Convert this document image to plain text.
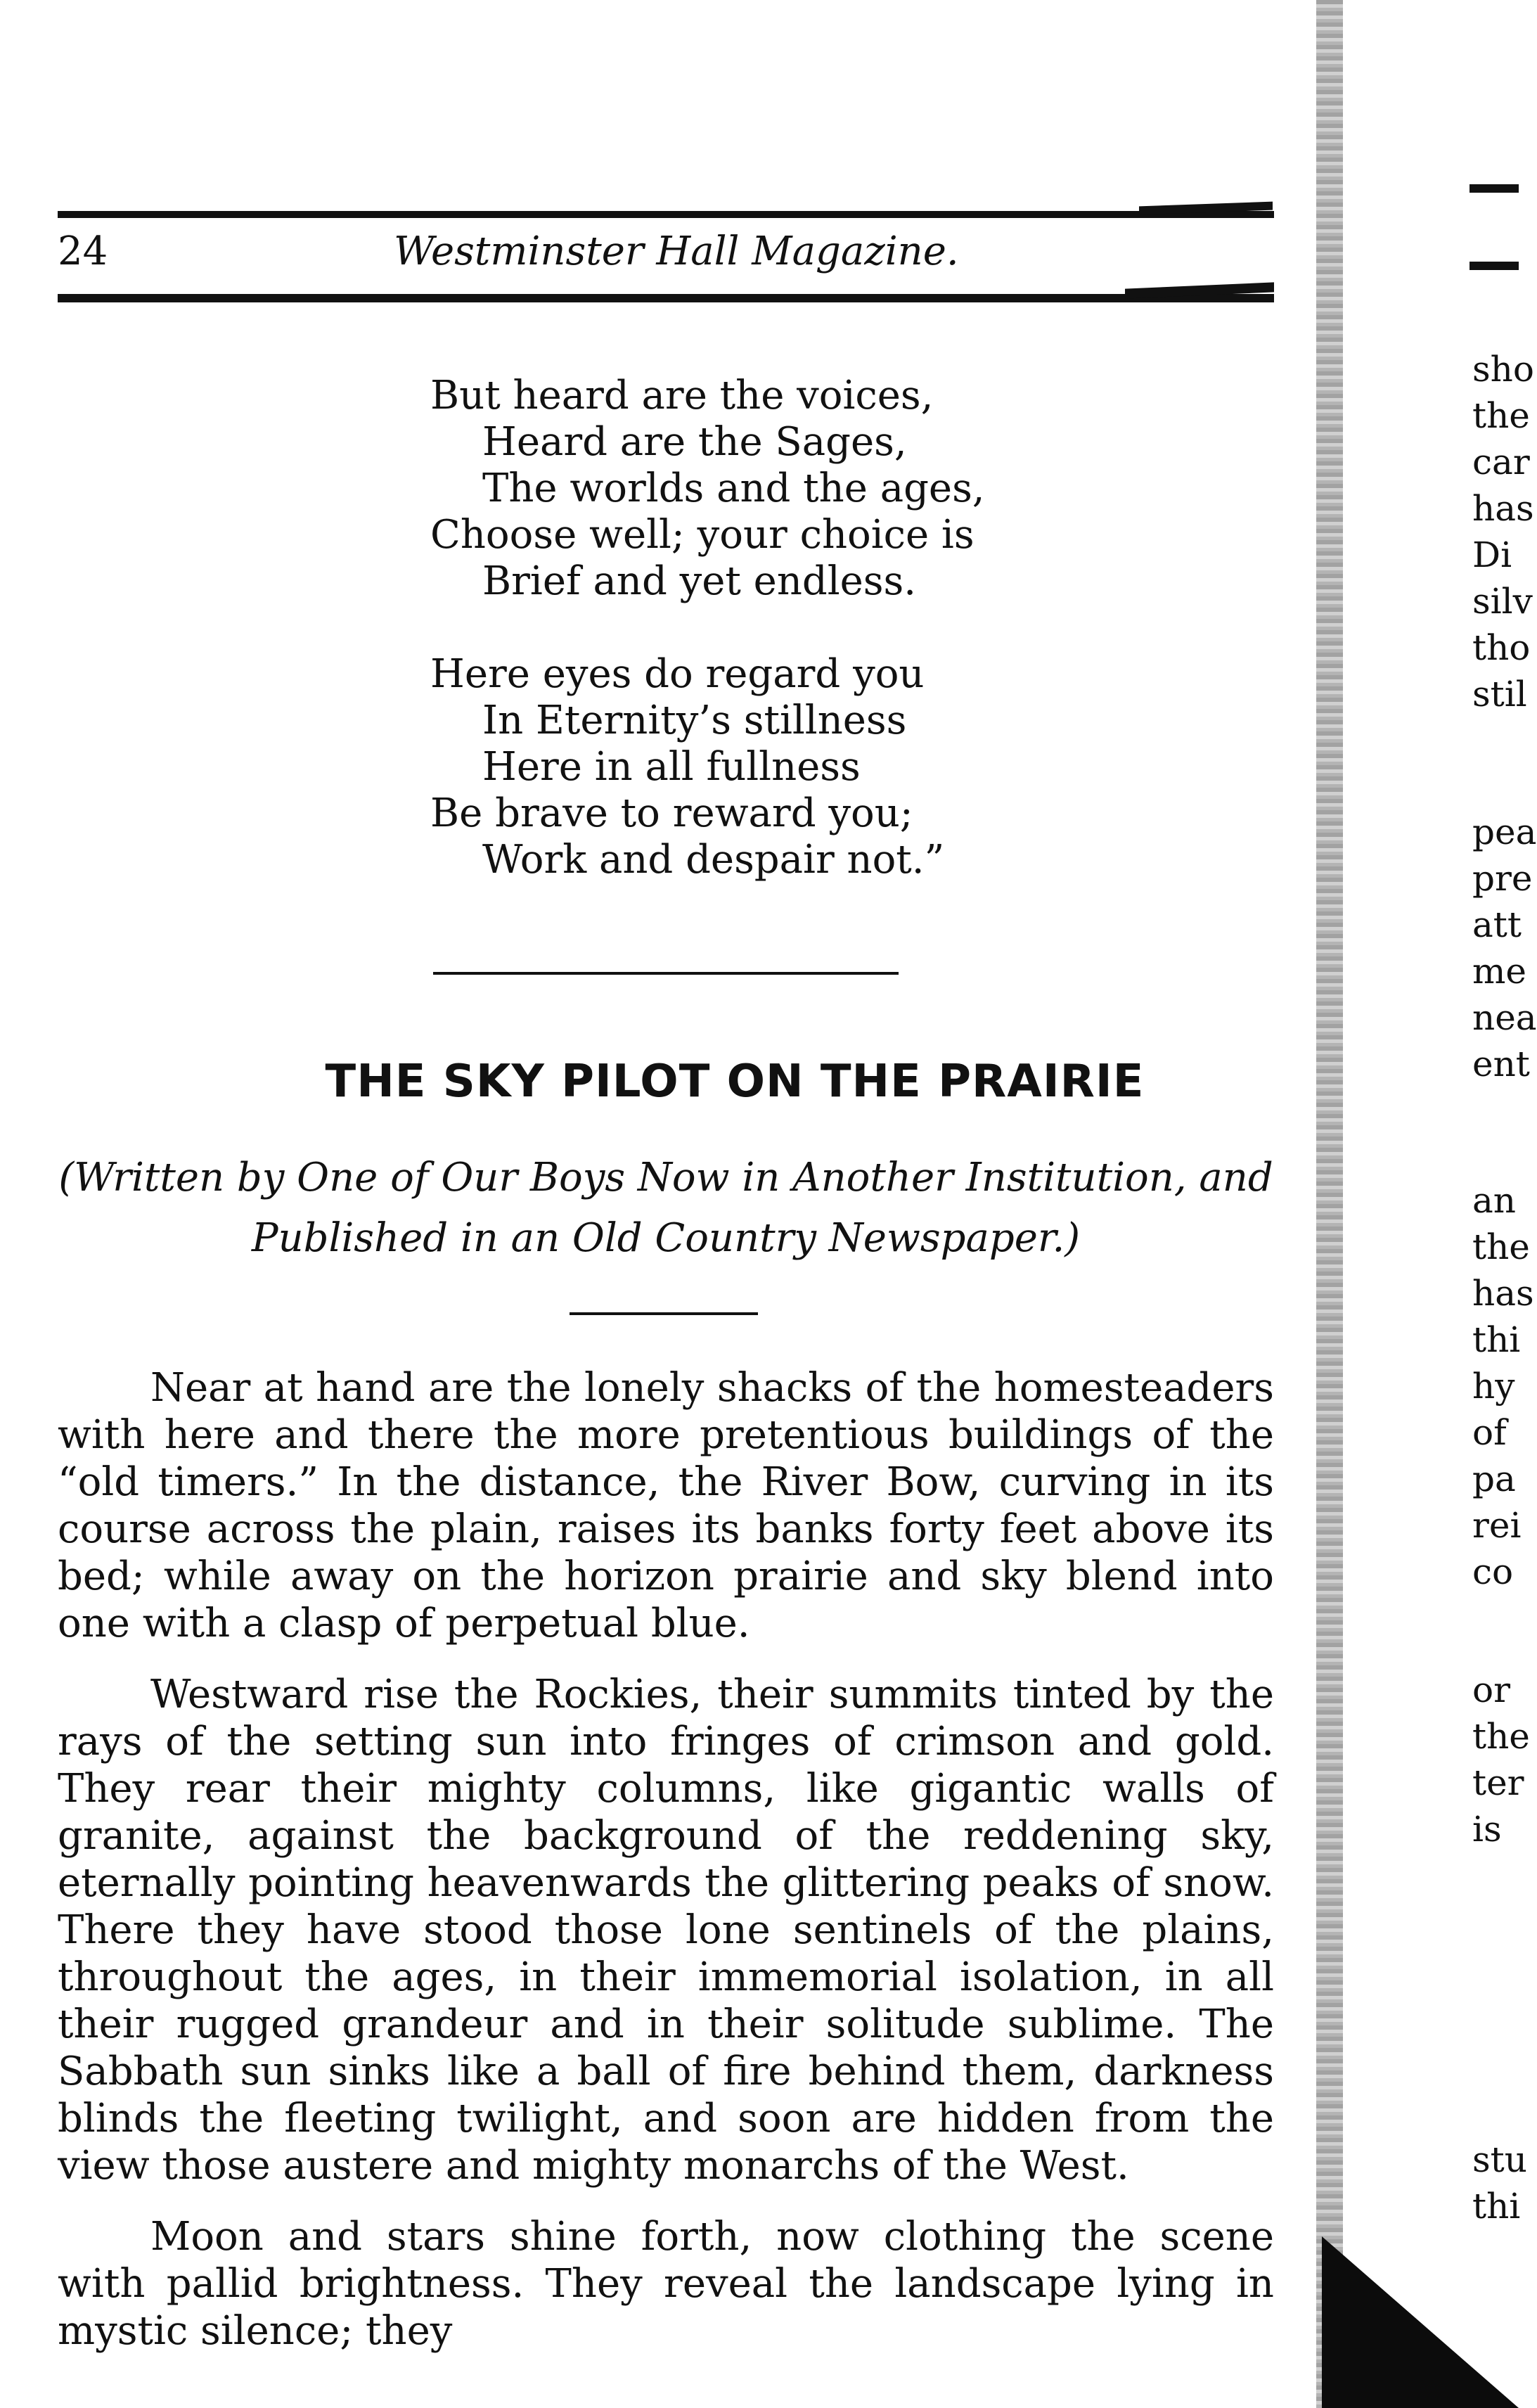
24	Westminster Hall Magazine.
But heard are the voices,
Heard are the Sages,
The worlds and the ages,
Choose well; your choice is
Brief and yet endless.
Here eyes do regard you
In Eternity’s stillness
Here in all fullness
Be brave to reward you;
Work and despair not.”
THE SKY PILOT ON THE PRAIRIE
(Written by One of Our Boys Now in Another Institution, and
Published in an Old Country Newspaper.)

Near at hand are the lonely shacks of the homesteaders with here and there the more pretentious buildings of the “old timers.” In the distance, the River Bow, curving in its course across the plain, raises its banks forty feet above its bed; while away on the horizon prairie and sky blend into one with a clasp of perpetual blue.

Westward rise the Rockies, their summits tinted by the rays of the setting sun into fringes of crimson and gold. They rear their mighty columns, like gigantic walls of granite, against the background of the reddening sky, eternally pointing heavenwards the glittering peaks of snow. There they have stood those lone sentinels of the plains, throughout the ages, in their immemorial isolation, in all their rugged grandeur and in their solitude sublime. The Sabbath sun sinks like a ball of fire behind them, darkness blinds the fleeting twilight, and soon are hidden from the view those austere and mighty monarchs of the West.

Moon and stars shine forth, now clothing the scene with pallid brightness. They reveal the landscape lying in mystic silence; they

sho
the
car
has
Di
silv
tho
stil
pea
pre
att
me
nea
ent
an
the
has
thi
hy
of
pa
rei
co
or
the
ter
is
stu
thi
